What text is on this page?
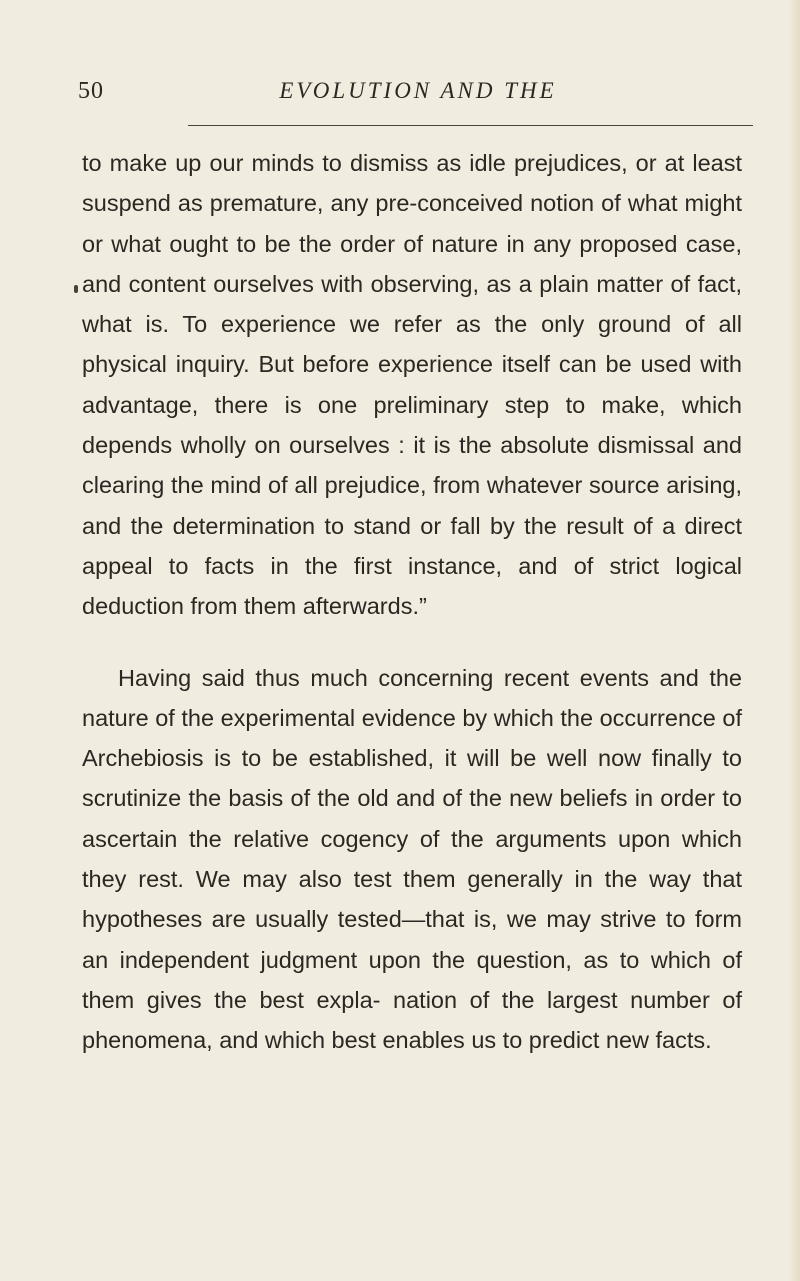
50	EVOLUTION AND THE

to make up our minds to dismiss as idle prejudices, or at least suspend as premature, any pre-conceived notion of what might or what ought to be the order of nature in any proposed case, and content ourselves with observing, as a plain matter of fact, what is. To experience we refer as the only ground of all physical inquiry. But before experience itself can be used with advantage, there is one preliminary step to make, which depends wholly on ourselves : it is the absolute dismissal and clearing the mind of all prejudice, from whatever source arising, and the determination to stand or fall by the result of a direct appeal to facts in the first instance, and of strict logical deduction from them afterwards.”

Having said thus much concerning recent events and the nature of the experimental evidence by which the occurrence of Archebiosis is to be established, it will be well now finally to scrutinize the basis of the old and of the new beliefs in order to ascertain the relative cogency of the arguments upon which they rest. We may also test them generally in the way that hypotheses are usually tested—that is, we may strive to form an independent judgment upon the question, as to which of them gives the best expla- nation of the largest number of phenomena, and which best enables us to predict new facts.
